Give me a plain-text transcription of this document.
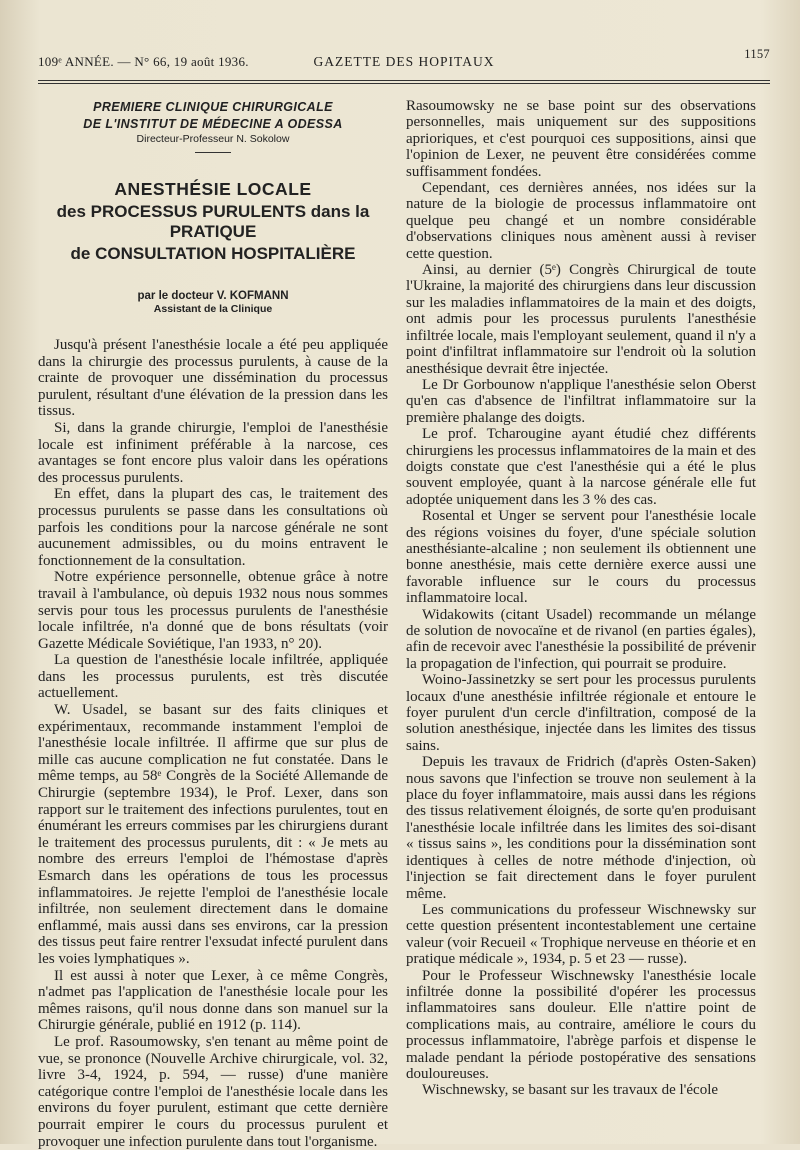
109ᵉ ANNÉE. — N° 66, 19 août 1936.	GAZETTE DES HOPITAUX	1157
PREMIERE CLINIQUE CHIRURGICALE
DE L'INSTITUT DE MÉDECINE A ODESSA
Directeur-Professeur N. Sokolow
ANESTHÉSIE LOCALE
des PROCESSUS PURULENTS dans la PRATIQUE
de CONSULTATION HOSPITALIÈRE
par le docteur V. KOFMANN
Assistant de la Clinique

Jusqu'à présent l'anesthésie locale a été peu appliquée dans la chirurgie des processus purulents, à cause de la crainte de provoquer une dissémination du processus purulent, résultant d'une élévation de la pression dans les tissus.

Si, dans la grande chirurgie, l'emploi de l'anesthésie locale est infiniment préférable à la narcose, ces avantages se font encore plus valoir dans les opérations des processus purulents.

En effet, dans la plupart des cas, le traitement des processus purulents se passe dans les consultations où parfois les conditions pour la narcose générale ne sont aucunement admissibles, ou du moins entravent le fonctionnement de la consultation.

Notre expérience personnelle, obtenue grâce à notre travail à l'ambulance, où depuis 1932 nous nous sommes servis pour tous les processus purulents de l'anesthésie locale infiltrée, n'a donné que de bons résultats (voir Gazette Médicale Soviétique, l'an 1933, n° 20).

La question de l'anesthésie locale infiltrée, appliquée dans les processus purulents, est très discutée actuellement.

W. Usadel, se basant sur des faits cliniques et expérimentaux, recommande instamment l'emploi de l'anesthésie locale infiltrée. Il affirme que sur plus de mille cas aucune complication ne fut constatée. Dans le même temps, au 58ᵉ Congrès de la Société Allemande de Chirurgie (septembre 1934), le Prof. Lexer, dans son rapport sur le traitement des infections purulentes, tout en énumérant les erreurs commises par les chirurgiens durant le traitement des processus purulents, dit : « Je mets au nombre des erreurs l'emploi de l'hémostase d'après Esmarch dans les opérations de tous les processus inflammatoires. Je rejette l'emploi de l'anesthésie locale infiltrée, non seulement directement dans le domaine enflammé, mais aussi dans ses environs, car la pression des tissus peut faire rentrer l'exsudat infecté purulent dans les voies lymphatiques ».

Il est aussi à noter que Lexer, à ce même Congrès, n'admet pas l'application de l'anesthésie locale pour les mêmes raisons, qu'il nous donne dans son manuel sur la Chirurgie générale, publié en 1912 (p. 114).

Le prof. Rasoumowsky, s'en tenant au même point de vue, se prononce (Nouvelle Archive chirurgicale, vol. 32, livre 3-4, 1924, p. 594, — russe) d'une manière catégorique contre l'emploi de l'anesthésie locale dans les environs du foyer purulent, estimant que cette dernière pourrait empirer le cours du processus purulent et provoquer une infection purulente dans tout l'organisme.

Rasoumowsky ne se base point sur des observations personnelles, mais uniquement sur des suppositions aprioriques, et c'est pourquoi ces suppositions, ainsi que l'opinion de Lexer, ne peuvent être considérées comme suffisamment fondées.

Cependant, ces dernières années, nos idées sur la nature de la biologie de processus inflammatoire ont quelque peu changé et un nombre considérable d'observations cliniques nous amènent aussi à reviser cette question.

Ainsi, au dernier (5ᵉ) Congrès Chirurgical de toute l'Ukraine, la majorité des chirurgiens dans leur discussion sur les maladies inflammatoires de la main et des doigts, ont admis pour les processus purulents l'anesthésie infiltrée locale, mais l'employant seulement, quand il n'y a point d'infiltrat inflammatoire sur l'endroit où la solution anesthésique devrait être injectée.

Le Dr Gorbounow n'applique l'anesthésie selon Oberst qu'en cas d'absence de l'infiltrat inflammatoire sur la première phalange des doigts.

Le prof. Tcharougine ayant étudié chez différents chirurgiens les processus inflammatoires de la main et des doigts constate que c'est l'anesthésie qui a été le plus souvent employée, quant à la narcose générale elle fut adoptée uniquement dans les 3 % des cas.

Rosental et Unger se servent pour l'anesthésie locale des régions voisines du foyer, d'une spéciale solution anesthésiante-alcaline ; non seulement ils obtiennent une bonne anesthésie, mais cette dernière exerce aussi une favorable influence sur le cours du processus inflammatoire local.

Widakowits (citant Usadel) recommande un mélange de solution de novocaïne et de rivanol (en parties égales), afin de recevoir avec l'anesthésie la possibilité de prévenir la propagation de l'infection, qui pourrait se produire.

Woino-Jassinetzky se sert pour les processus purulents locaux d'une anesthésie infiltrée régionale et entoure le foyer purulent d'un cercle d'infiltration, composé de la solution anesthésique, injectée dans les limites des tissus sains.

Depuis les travaux de Fridrich (d'après Osten-Saken) nous savons que l'infection se trouve non seulement à la place du foyer inflammatoire, mais aussi dans les régions des tissus relativement éloignés, de sorte qu'en produisant l'anesthésie locale infiltrée dans les limites des soi-disant « tissus sains », les conditions pour la dissémination sont identiques à celles de notre méthode d'injection, où l'injection se fait directement dans le foyer purulent même.

Les communications du professeur Wischnewsky sur cette question présentent incontestablement une certaine valeur (voir Recueil « Trophique nerveuse en théorie et en pratique médicale », 1934, p. 5 et 23 — russe).

Pour le Professeur Wischnewsky l'anesthésie locale infiltrée donne la possibilité d'opérer les processus inflammatoires sans douleur. Elle n'attire point de complications mais, au contraire, améliore le cours du processus inflammatoire, l'abrège parfois et dispense le malade pendant la période postopérative des sensations douloureuses.

Wischnewsky, se basant sur les travaux de l'école
